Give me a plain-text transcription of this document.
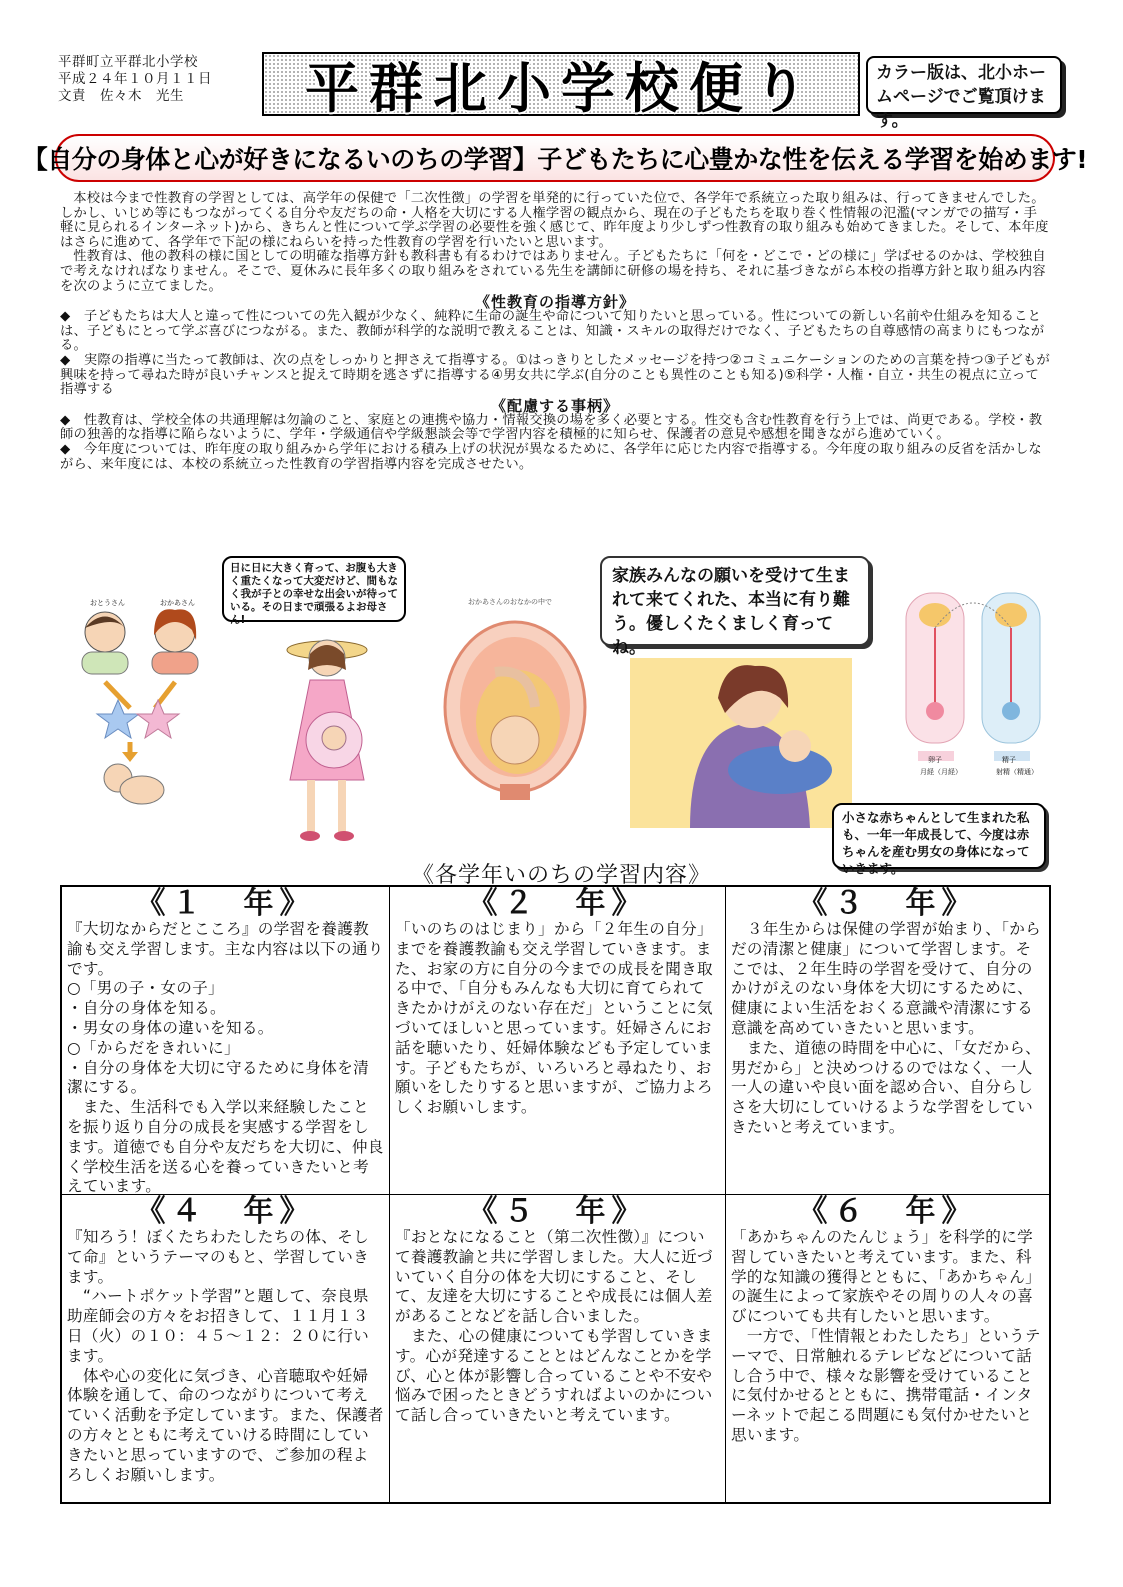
平群町立平群北小学校
平成２４年１０月１１日
文責　佐々木　光生	平群北小学校便り	カラー版は、北小ホームページでご覧頂けます。
【自分の身体と心が好きになるいのちの学習】子どもたちに心豊かな性を伝える学習を始めます!

本校は今まで性教育の学習としては、高学年の保健で「二次性徴」の学習を単発的に行っていた位で、各学年で系統立った取り組みは、行ってきませんでした。しかし、いじめ等にもつながってくる自分や友だちの命・人格を大切にする人権学習の観点から、現在の子どもたちを取り巻く性情報の氾濫(マンガでの描写・手軽に見られるインターネット)から、きちんと性について学ぶ学習の必要性を強く感じて、昨年度より少しずつ性教育の取り組みも始めてきました。そして、本年度はさらに進めて、各学年で下記の様にねらいを持った性教育の学習を行いたいと思います。

性教育は、他の教科の様に国としての明確な指導方針も教科書も有るわけではありません。子どもたちに「何を・どこで・どの様に」学ばせるのかは、学校独自で考えなければなりません。そこで、夏休みに長年多くの取り組みをされている先生を講師に研修の場を持ち、それに基づきながら本校の指導方針と取り組み内容を次のように立てました。

《性教育の指導方針》

◆　子どもたちは大人と違って性についての先入観が少なく、純粋に生命の誕生や命について知りたいと思っている。性についての新しい名前や仕組みを知ることは、子どもにとって学ぶ喜びにつながる。また、教師が科学的な説明で教えることは、知識・スキルの取得だけでなく、子どもたちの自尊感情の高まりにもつながる。

◆　実際の指導に当たって教師は、次の点をしっかりと押さえて指導する。①はっきりとしたメッセージを持つ②コミュニケーションのための言葉を持つ③子どもが興味を持って尋ねた時が良いチャンスと捉えて時期を逃さずに指導する④男女共に学ぶ(自分のことも異性のことも知る)⑤科学・人権・自立・共生の視点に立って指導する

《配慮する事柄》

◆　性教育は、学校全体の共通理解は勿論のこと、家庭との連携や協力・情報交換の場を多く必要とする。性交も含む性教育を行う上では、尚更である。学校・教師の独善的な指導に陥らないように、学年・学級通信や学級懇談会等で学習内容を積極的に知らせ、保護者の意見や感想を聞きながら進めていく。

◆　今年度については、昨年度の取り組みから学年における積み上げの状況が異なるために、各学年に応じた内容で指導する。今年度の取り組みの反省を活かしながら、来年度には、本校の系統立った性教育の学習指導内容を完成させたい。

おとうさん	おかあさん
日に日に大きく育って、お腹も大きく重たくなって大変だけど、間もなく我が子との幸せな出会いが待っている。その日まで頑張るよお母さん!
おかあさんのおなかの中で
家族みんなの願いを受けて生まれて来てくれた、本当に有り難う。優しくたくましく育ってね。
卵子	精子
月経（月経）	射精（精通）
小さな赤ちゃんとして生まれた私も、一年一年成長して、今度は赤ちゃんを産む男女の身体になっていきます。
《各学年いのちの学習内容》
《１　年》

『大切なからだとこころ』の学習を養護教諭も交え学習します。主な内容は以下の通りです。
○「男の子・女の子」
・自分の身体を知る。
・男女の身体の違いを知る。
○「からだをきれいに」
・自分の身体を大切に守るために身体を清潔にする。
　また、生活科でも入学以来経験したことを振り返り自分の成長を実感する学習をします。道徳でも自分や友だちを大切に、仲良く学校生活を送る心を養っていきたいと考えています。

《２　年》

「いのちのはじまり」から「２年生の自分」までを養護教諭も交え学習していきます。また、お家の方に自分の今までの成長を聞き取る中で、「自分もみんなも大切に育てられてきたかけがえのない存在だ」ということに気づいてほしいと思っています。妊婦さんにお話を聴いたり、妊婦体験なども予定しています。子どもたちが、いろいろと尋ねたり、お願いをしたりすると思いますが、ご協力よろしくお願いします。

《３　年》

　３年生からは保健の学習が始まり、「からだの清潔と健康」について学習します。そこでは、２年生時の学習を受けて、自分のかけがえのない身体を大切にするために、健康によい生活をおくる意識や清潔にする意識を高めていきたいと思います。
　また、道徳の時間を中心に、「女だから、男だから」と決めつけるのではなく、一人一人の違いや良い面を認め合い、自分らしさを大切にしていけるような学習をしていきたいと考えています。

《４　年》

『知ろう！ぼくたちわたしたちの体、そして命』というテーマのもと、学習していきます。
　“ハートポケット学習”と題して、奈良県助産師会の方々をお招きして、１１月１３日（火）の１０：４５～１２：２０に行います。
　体や心の変化に気づき、心音聴取や妊婦体験を通して、命のつながりについて考えていく活動を予定しています。また、保護者の方々とともに考えていける時間にしていきたいと思っていますので、ご参加の程よろしくお願いします。

《５　年》

『おとなになること（第二次性徴）』について養護教諭と共に学習しました。大人に近づいていく自分の体を大切にすること、そして、友達を大切にすることや成長には個人差があることなどを話し合いました。
　また、心の健康についても学習していきます。心が発達することとはどんなことかを学び、心と体が影響し合っていることや不安や悩みで困ったときどうすればよいのかについて話し合っていきたいと考えています。

《６　年》

「あかちゃんのたんじょう」を科学的に学習していきたいと考えています。また、科学的な知識の獲得とともに、「あかちゃん」の誕生によって家族やその周りの人々の喜びについても共有したいと思います。
　一方で、「性情報とわたしたち」というテーマで、日常触れるテレビなどについて話し合う中で、様々な影響を受けていることに気付かせるとともに、携帯電話・インターネットで起こる問題にも気付かせたいと思います。
